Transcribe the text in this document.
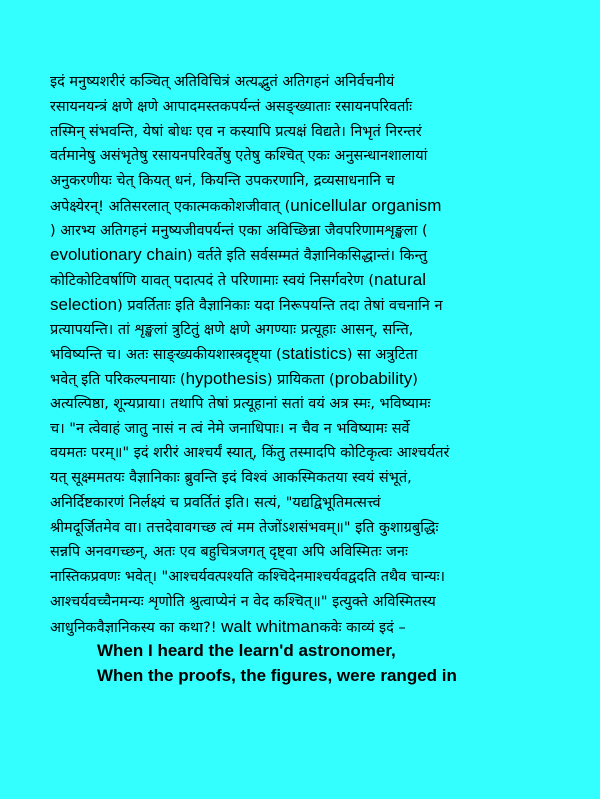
इदं मनुष्यशरीरं कञ्चित् अतिविचित्रं अत्यद्भुतं अतिगहनं अनिर्वचनीयं
रसायनयन्त्रं क्षणे क्षणे आपादमस्तकपर्यन्तं असङ्ख्याताः रसायनपरिवर्ताः
तस्मिन् संभवन्ति, येषां बोधः एव न कस्यापि प्रत्यक्षं विद्यते। निभृतं निरन्तरं
वर्तमानेषु असंभृतेषु रसायनपरिवर्तेषु एतेषु कश्चित् एकः अनुसन्धानशालायां
अनुकरणीयः चेत् कियत् धनं, कियन्ति उपकरणानि, द्रव्यसाधनानि च
अपेक्ष्येरन्! अतिसरलात् एकात्मककोशजीवात् (unicellular organism
) आरभ्य अतिगहनं मनुष्यजीवपर्यन्तं एका अविच्छिन्ना जैवपरिणामशृङ्खला (
evolutionary chain) वर्तते इति सर्वसम्मतं वैज्ञानिकसिद्धान्तं। किन्तु
कोटिकोटिवर्षाणि यावत् पदात्पदं ते परिणामाः स्वयं निसर्गवरेण (natural
selection) प्रवर्तिताः इति वैज्ञानिकाः यदा निरूपयन्ति तदा तेषां वचनानि न
प्रत्यापयन्ति। तां शृङ्खलां त्रुटितुं क्षणे क्षणे अगण्याः प्रत्यूहाः आसन्, सन्ति,
भविष्यन्ति च। अतः साङ्ख्यकीयशास्त्रदृष्ट्या (statistics) सा अत्रुटिता
भवेत् इति परिकल्पनायाः (hypothesis) प्रायिकता (probability)
अत्यल्पिष्ठा, शून्यप्राया। तथापि तेषां प्रत्यूहानां सतां वयं अत्र स्मः, भविष्यामः
च। "न त्वेवाहं जातु नासं न त्वं नेमे जनाधिपाः। न चैव न भविष्यामः सर्वे
वयमतः परम्॥" इदं शरीरं आश्चर्यं स्यात्, किंतु तस्मादपि कोटिकृत्वः आश्चर्यतरं
यत् सूक्ष्ममतयः वैज्ञानिकाः ब्रुवन्ति इदं विश्वं आकस्मिकतया स्वयं संभूतं,
अनिर्दिष्टकारणं निर्लक्ष्यं च प्रवर्तितं इति। सत्यं, "यद्यद्विभूतिमत्सत्त्वं
श्रीमदूर्जितमेव वा। तत्तदेवावगच्छ त्वं मम तेजोंऽशसंभवम्॥" इति कुशाग्रबुद्धिः
सन्नपि अनवगच्छन्, अतः एव बहुचित्रजगत् दृष्ट्वा अपि अविस्मितः जनः
नास्तिकप्रवणः भवेत्। "आश्चर्यवत्पश्यति कश्चिदेनमाश्चर्यवद्वदति तथैव चान्यः।
आश्चर्यवच्चैनमन्यः शृणोति श्रुत्वाप्येनं न वेद कश्चित्॥" इत्युक्ते अविस्मितस्य
आधुनिकवैज्ञानिकस्य का कथा?! walt whitmanकवेः काव्यं इदं –
When I heard the learn'd astronomer,
When the proofs, the figures, were ranged in
